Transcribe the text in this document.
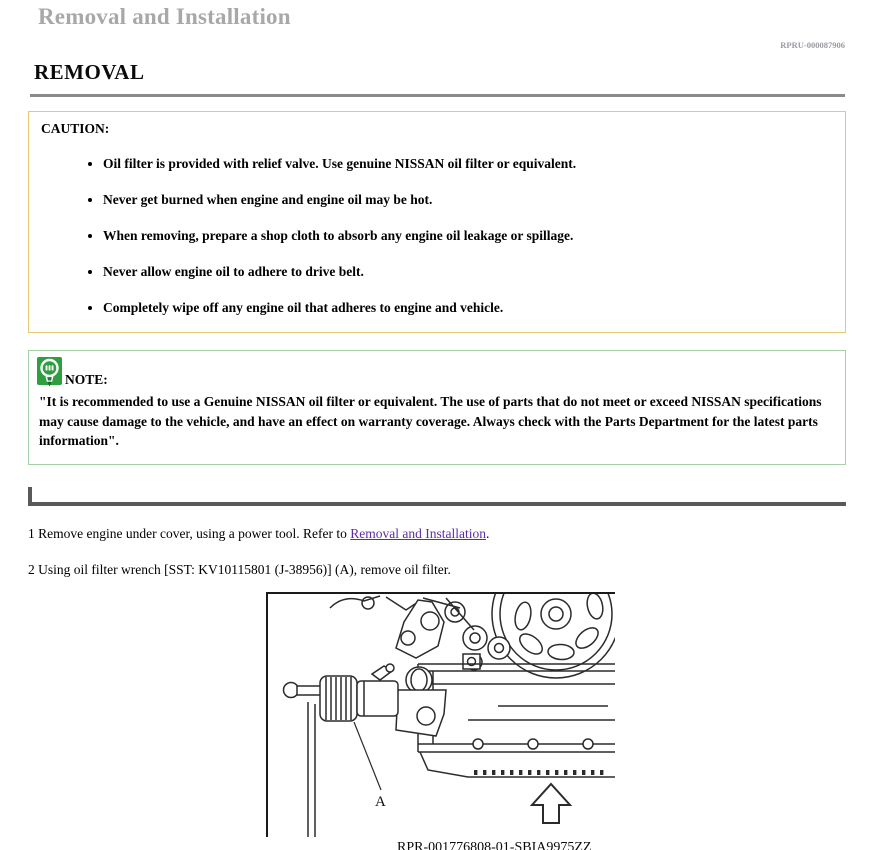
Removal and Installation
RPRU-000087906
REMOVAL
CAUTION:
• Oil filter is provided with relief valve. Use genuine NISSAN oil filter or equivalent.
• Never get burned when engine and engine oil may be hot.
• When removing, prepare a shop cloth to absorb any engine oil leakage or spillage.
• Never allow engine oil to adhere to drive belt.
• Completely wipe off any engine oil that adheres to engine and vehicle.
NOTE:
"It is recommended to use a Genuine NISSAN oil filter or equivalent. The use of parts that do not meet or exceed NISSAN specifications may cause damage to the vehicle, and have an effect on warranty coverage. Always check with the Parts Department for the latest parts information".

1 Remove engine under cover, using a power tool. Refer to Removal and Installation.

2 Using oil filter wrench [SST: KV10115801 (J-38956)] (A), remove oil filter.

A
RPR-001776808-01-SBIA9975ZZ
